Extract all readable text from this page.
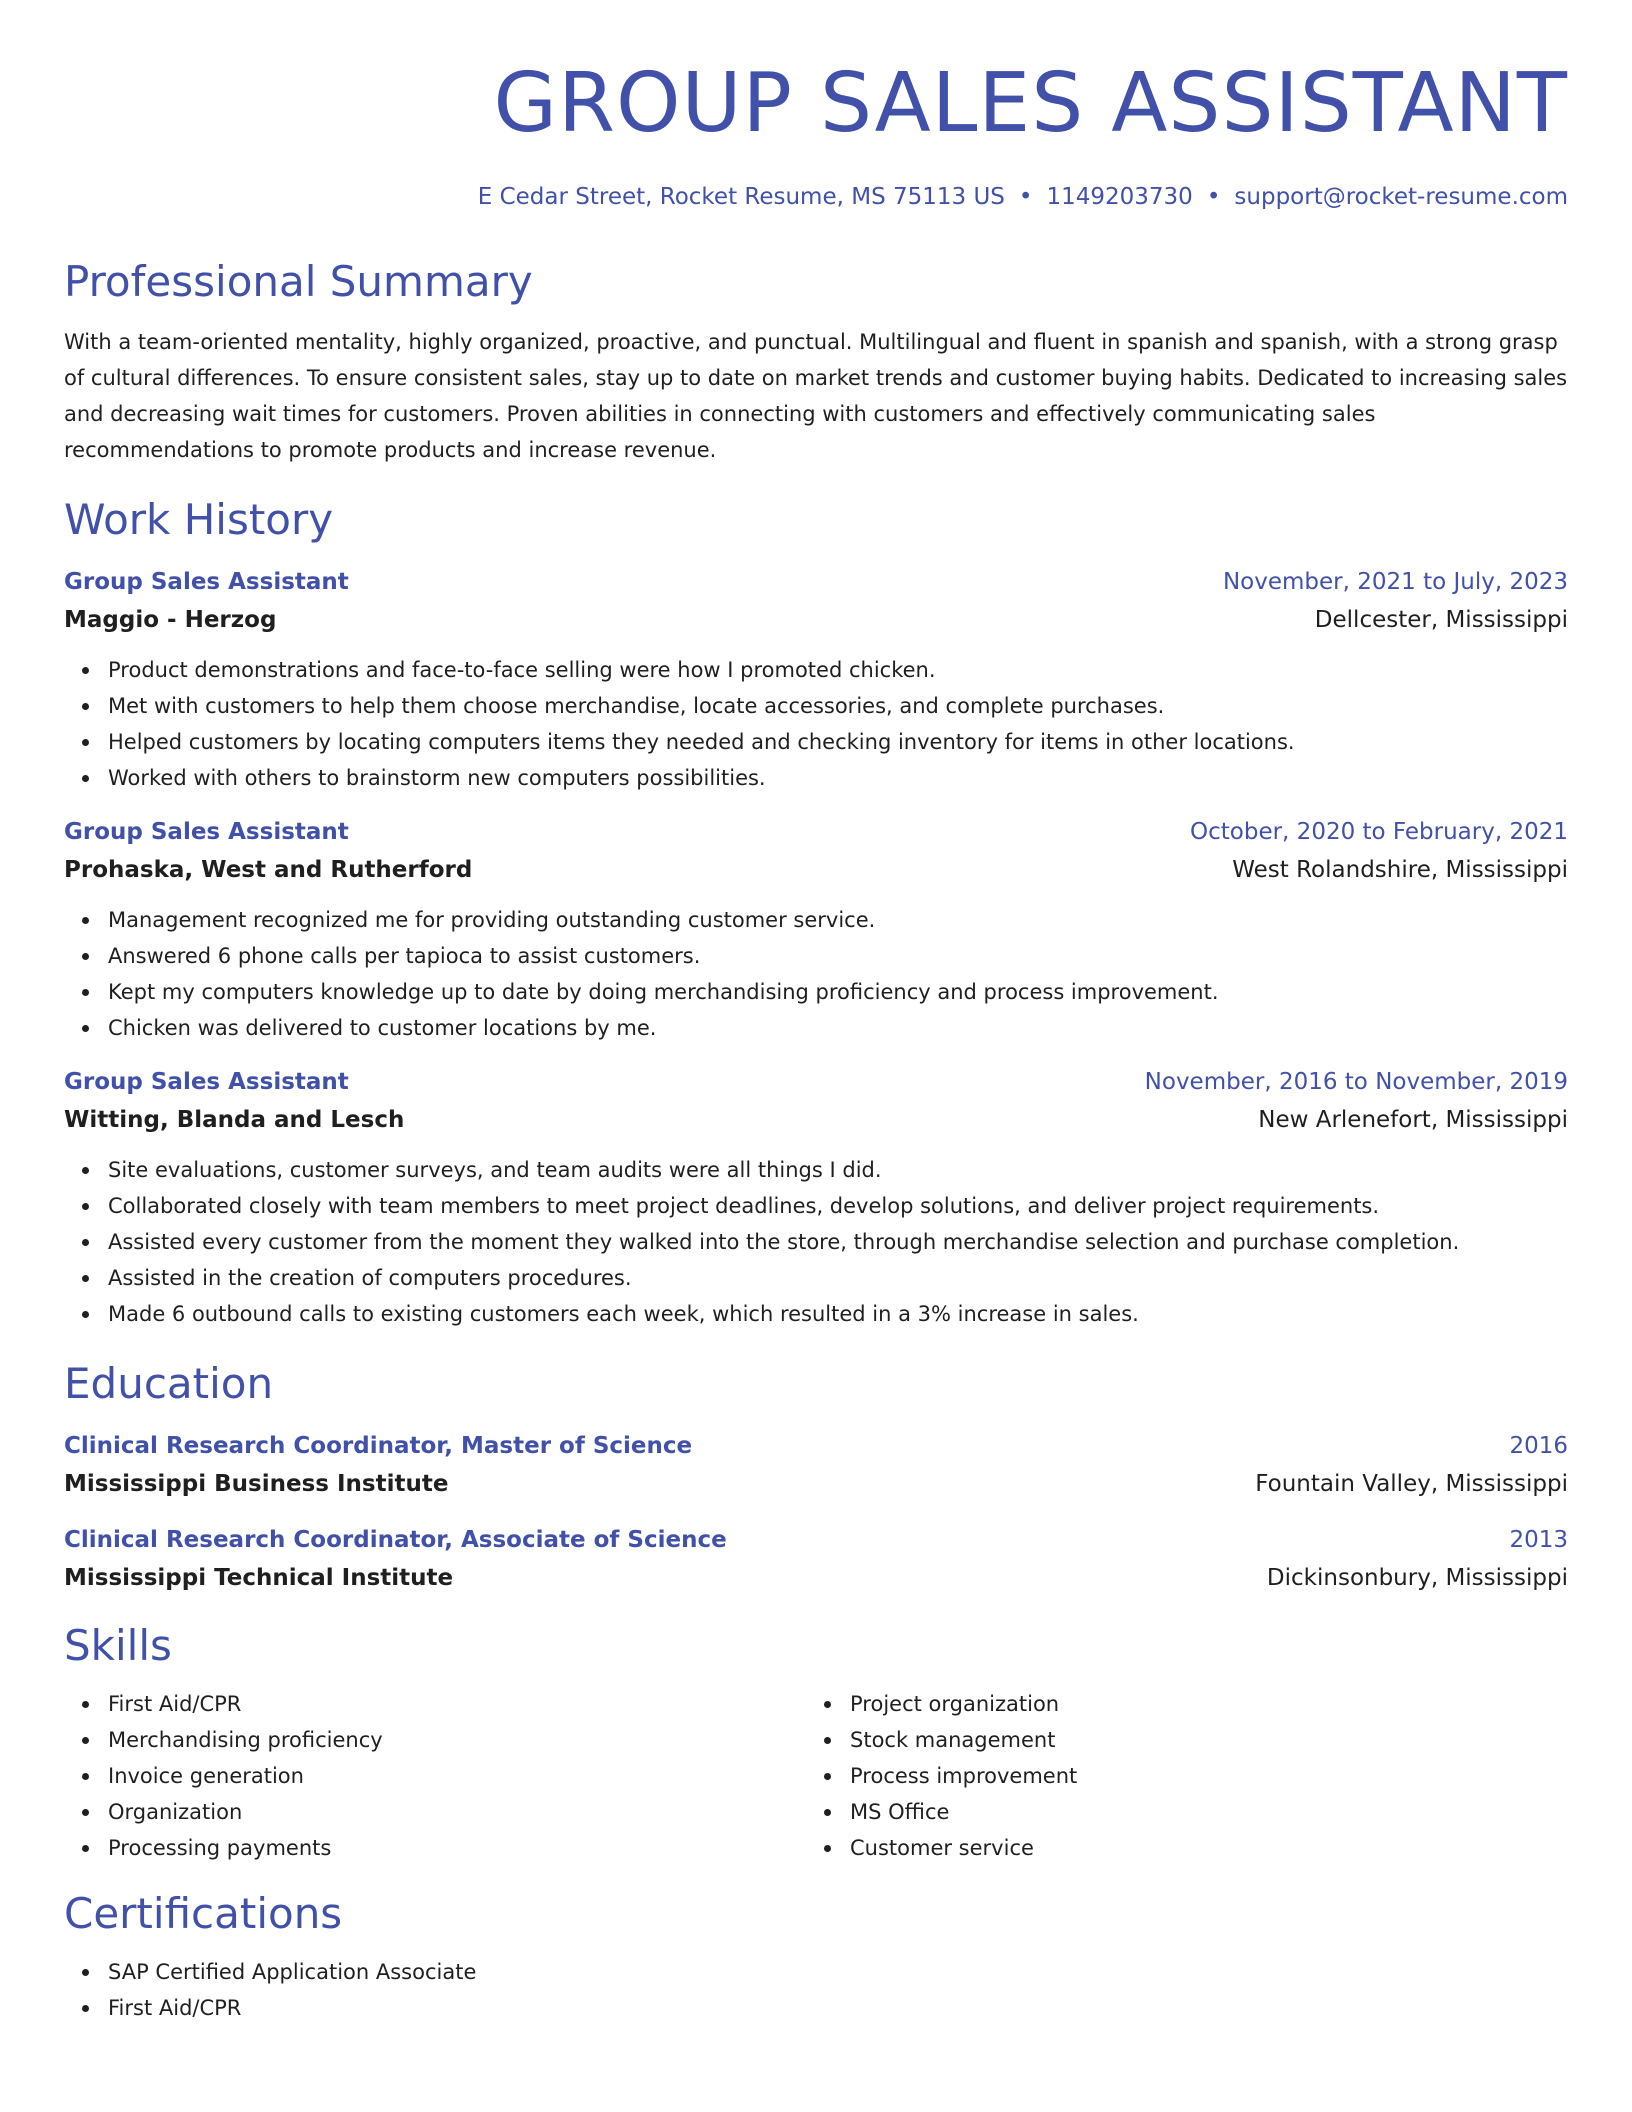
GROUP SALES ASSISTANT
E Cedar Street, Rocket Resume, MS 75113 US • 1149203730 • support@rocket-resume.com
Professional Summary
With a team-oriented mentality, highly organized, proactive, and punctual. Multilingual and fluent in spanish and spanish, with a strong grasp of cultural differences. To ensure consistent sales, stay up to date on market trends and customer buying habits. Dedicated to increasing sales and decreasing wait times for customers. Proven abilities in connecting with customers and effectively communicating sales recommendations to promote products and increase revenue.
Work History
Group Sales Assistant	November, 2021 to July, 2023
Maggio - Herzog	Dellcester, Mississippi
Product demonstrations and face-to-face selling were how I promoted chicken.
Met with customers to help them choose merchandise, locate accessories, and complete purchases.
Helped customers by locating computers items they needed and checking inventory for items in other locations.
Worked with others to brainstorm new computers possibilities.
Group Sales Assistant	October, 2020 to February, 2021
Prohaska, West and Rutherford	West Rolandshire, Mississippi
Management recognized me for providing outstanding customer service.
Answered 6 phone calls per tapioca to assist customers.
Kept my computers knowledge up to date by doing merchandising proficiency and process improvement.
Chicken was delivered to customer locations by me.
Group Sales Assistant	November, 2016 to November, 2019
Witting, Blanda and Lesch	New Arlenefort, Mississippi
Site evaluations, customer surveys, and team audits were all things I did.
Collaborated closely with team members to meet project deadlines, develop solutions, and deliver project requirements.
Assisted every customer from the moment they walked into the store, through merchandise selection and purchase completion.
Assisted in the creation of computers procedures.
Made 6 outbound calls to existing customers each week, which resulted in a 3% increase in sales.
Education
Clinical Research Coordinator, Master of Science	2016
Mississippi Business Institute	Fountain Valley, Mississippi
Clinical Research Coordinator, Associate of Science	2013
Mississippi Technical Institute	Dickinsonbury, Mississippi
Skills
First Aid/CPR
Merchandising proficiency
Invoice generation
Organization
Processing payments
Project organization
Stock management
Process improvement
MS Office
Customer service
Certifications
SAP Certified Application Associate
First Aid/CPR
